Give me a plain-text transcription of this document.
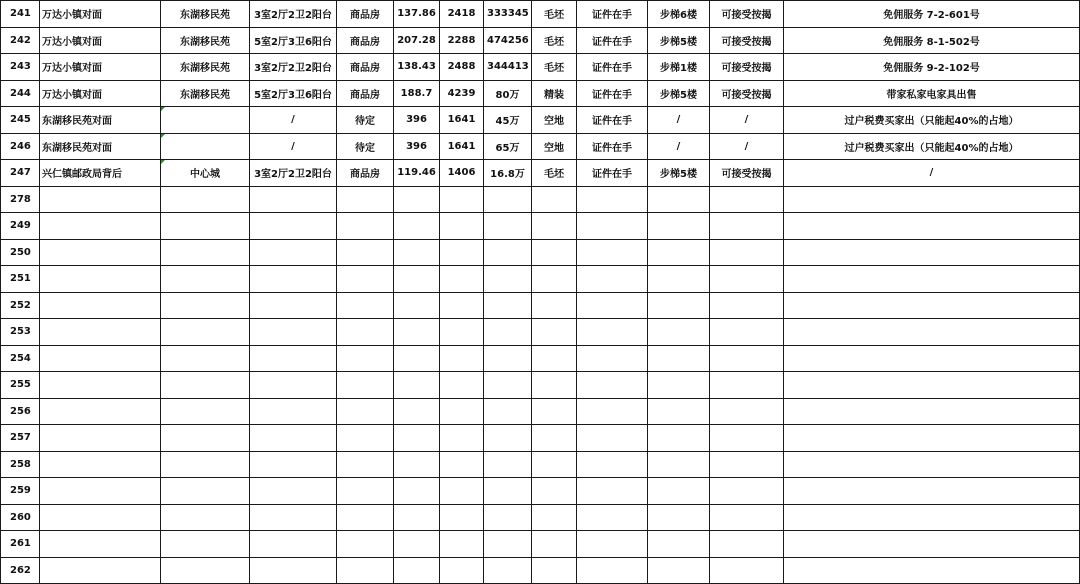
241	万达小镇对面	东湖移民苑	3室2厅2卫2阳台	商品房	137.86	2418	333345	毛坯	证件在手	步梯6楼	可接受按揭	免佣服务 7-2-601号
242	万达小镇对面	东湖移民苑	5室2厅3卫6阳台	商品房	207.28	2288	474256	毛坯	证件在手	步梯5楼	可接受按揭	免佣服务 8-1-502号
243	万达小镇对面	东湖移民苑	3室2厅2卫2阳台	商品房	138.43	2488	344413	毛坯	证件在手	步梯1楼	可接受按揭	免佣服务 9-2-102号
244	万达小镇对面	东湖移民苑	5室2厅3卫6阳台	商品房	188.7	4239	80万	精装	证件在手	步梯5楼	可接受按揭	带家私家电家具出售
245	东湖移民苑对面		/	待定	396	1641	45万	空地	证件在手	/	/	过户税费买家出（只能起40%的占地）
246	东湖移民苑对面		/	待定	396	1641	65万	空地	证件在手	/	/	过户税费买家出（只能起40%的占地）
247	兴仁镇邮政局背后	中心城	3室2厅2卫2阳台	商品房	119.46	1406	16.8万	毛坯	证件在手	步梯5楼	可接受按揭	/
278												
249												
250												
251												
252												
253												
254												
255												
256												
257												
258												
259												
260												
261												
262												
